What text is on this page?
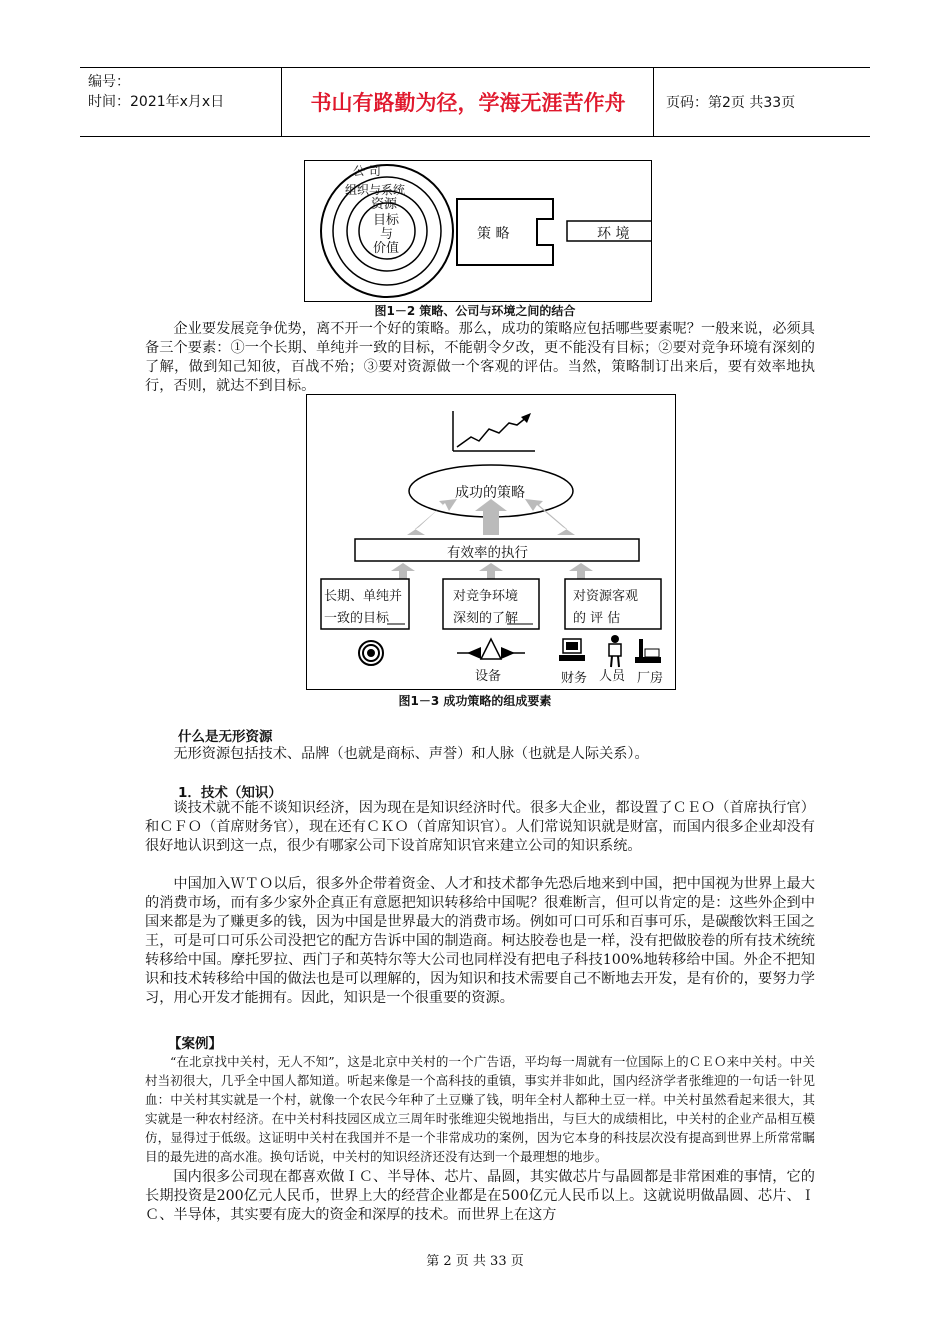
编号：
时间：2021年x月x日	书山有路勤为径，学海无涯苦作舟	页码：第2页 共33页
公 司
组织与系统
资源
目标
与
价值
策 略	环 境
图1－2 策略、公司与环境之间的结合

企业要发展竞争优势，离不开一个好的策略。那么，成功的策略应包括哪些要素呢？一般来说，必须具备三个要素：①一个长期、单纯并一致的目标，不能朝令夕改，更不能没有目标；②要对竞争环境有深刻的了解，做到知己知彼，百战不殆；③要对资源做一个客观的评估。当然，策略制订出来后，要有效率地执行，否则，就达不到目标。

成功的策略
有效率的执行
长期、单纯并
一致的目标
对竞争环境
深刻的了解
对资源客观
的 评 估
设备	财务 人员 厂房
图1－3 成功策略的组成要素
什么是无形资源

无形资源包括技术、品牌（也就是商标、声誉）和人脉（也就是人际关系）。

1．技术（知识）

谈技术就不能不谈知识经济，因为现在是知识经济时代。很多大企业，都设置了ＣＥＯ（首席执行官）和ＣＦＯ（首席财务官），现在还有ＣＫＯ（首席知识官）。人们常说知识就是财富，而国内很多企业却没有很好地认识到这一点，很少有哪家公司下设首席知识官来建立公司的知识系统。

中国加入ＷＴＯ以后，很多外企带着资金、人才和技术都争先恐后地来到中国，把中国视为世界上最大的消费市场，而有多少家外企真正有意愿把知识转移给中国呢？很难断言，但可以肯定的是：这些外企到中国来都是为了赚更多的钱，因为中国是世界最大的消费市场。例如可口可乐和百事可乐，是碳酸饮料王国之王，可是可口可乐公司没把它的配方告诉中国的制造商。柯达胶卷也是一样，没有把做胶卷的所有技术统统转移给中国。摩托罗拉、西门子和英特尔等大公司也同样没有把电子科技100%地转移给中国。外企不把知识和技术转移给中国的做法也是可以理解的，因为知识和技术需要自己不断地去开发，是有价的，要努力学习，用心开发才能拥有。因此，知识是一个很重要的资源。

【案例】

“在北京找中关村，无人不知”，这是北京中关村的一个广告语，平均每一周就有一位国际上的ＣＥＯ来中关村。中关村当初很大，几乎全中国人都知道。听起来像是一个高科技的重镇，事实并非如此，国内经济学者张维迎的一句话一针见血：中关村其实就是一个村，就像一个农民今年种了土豆赚了钱，明年全村人都种土豆一样。中关村虽然看起来很大，其实就是一种农村经济。在中关村科技园区成立三周年时张维迎尖锐地指出，与巨大的成绩相比，中关村的企业产品相互模仿，显得过于低级。这证明中关村在我国并不是一个非常成功的案例，因为它本身的科技层次没有提高到世界上所常常瞩目的最先进的高水准。换句话说，中关村的知识经济还没有达到一个最理想的地步。

国内很多公司现在都喜欢做ＩＣ、半导体、芯片、晶圆，其实做芯片与晶圆都是非常困难的事情，它的长期投资是200亿元人民币，世界上大的经营企业都是在500亿元人民币以上。这就说明做晶圆、芯片、ＩＣ、半导体，其实要有庞大的资金和深厚的技术。而世界上在这方

第 2 页 共 33 页
